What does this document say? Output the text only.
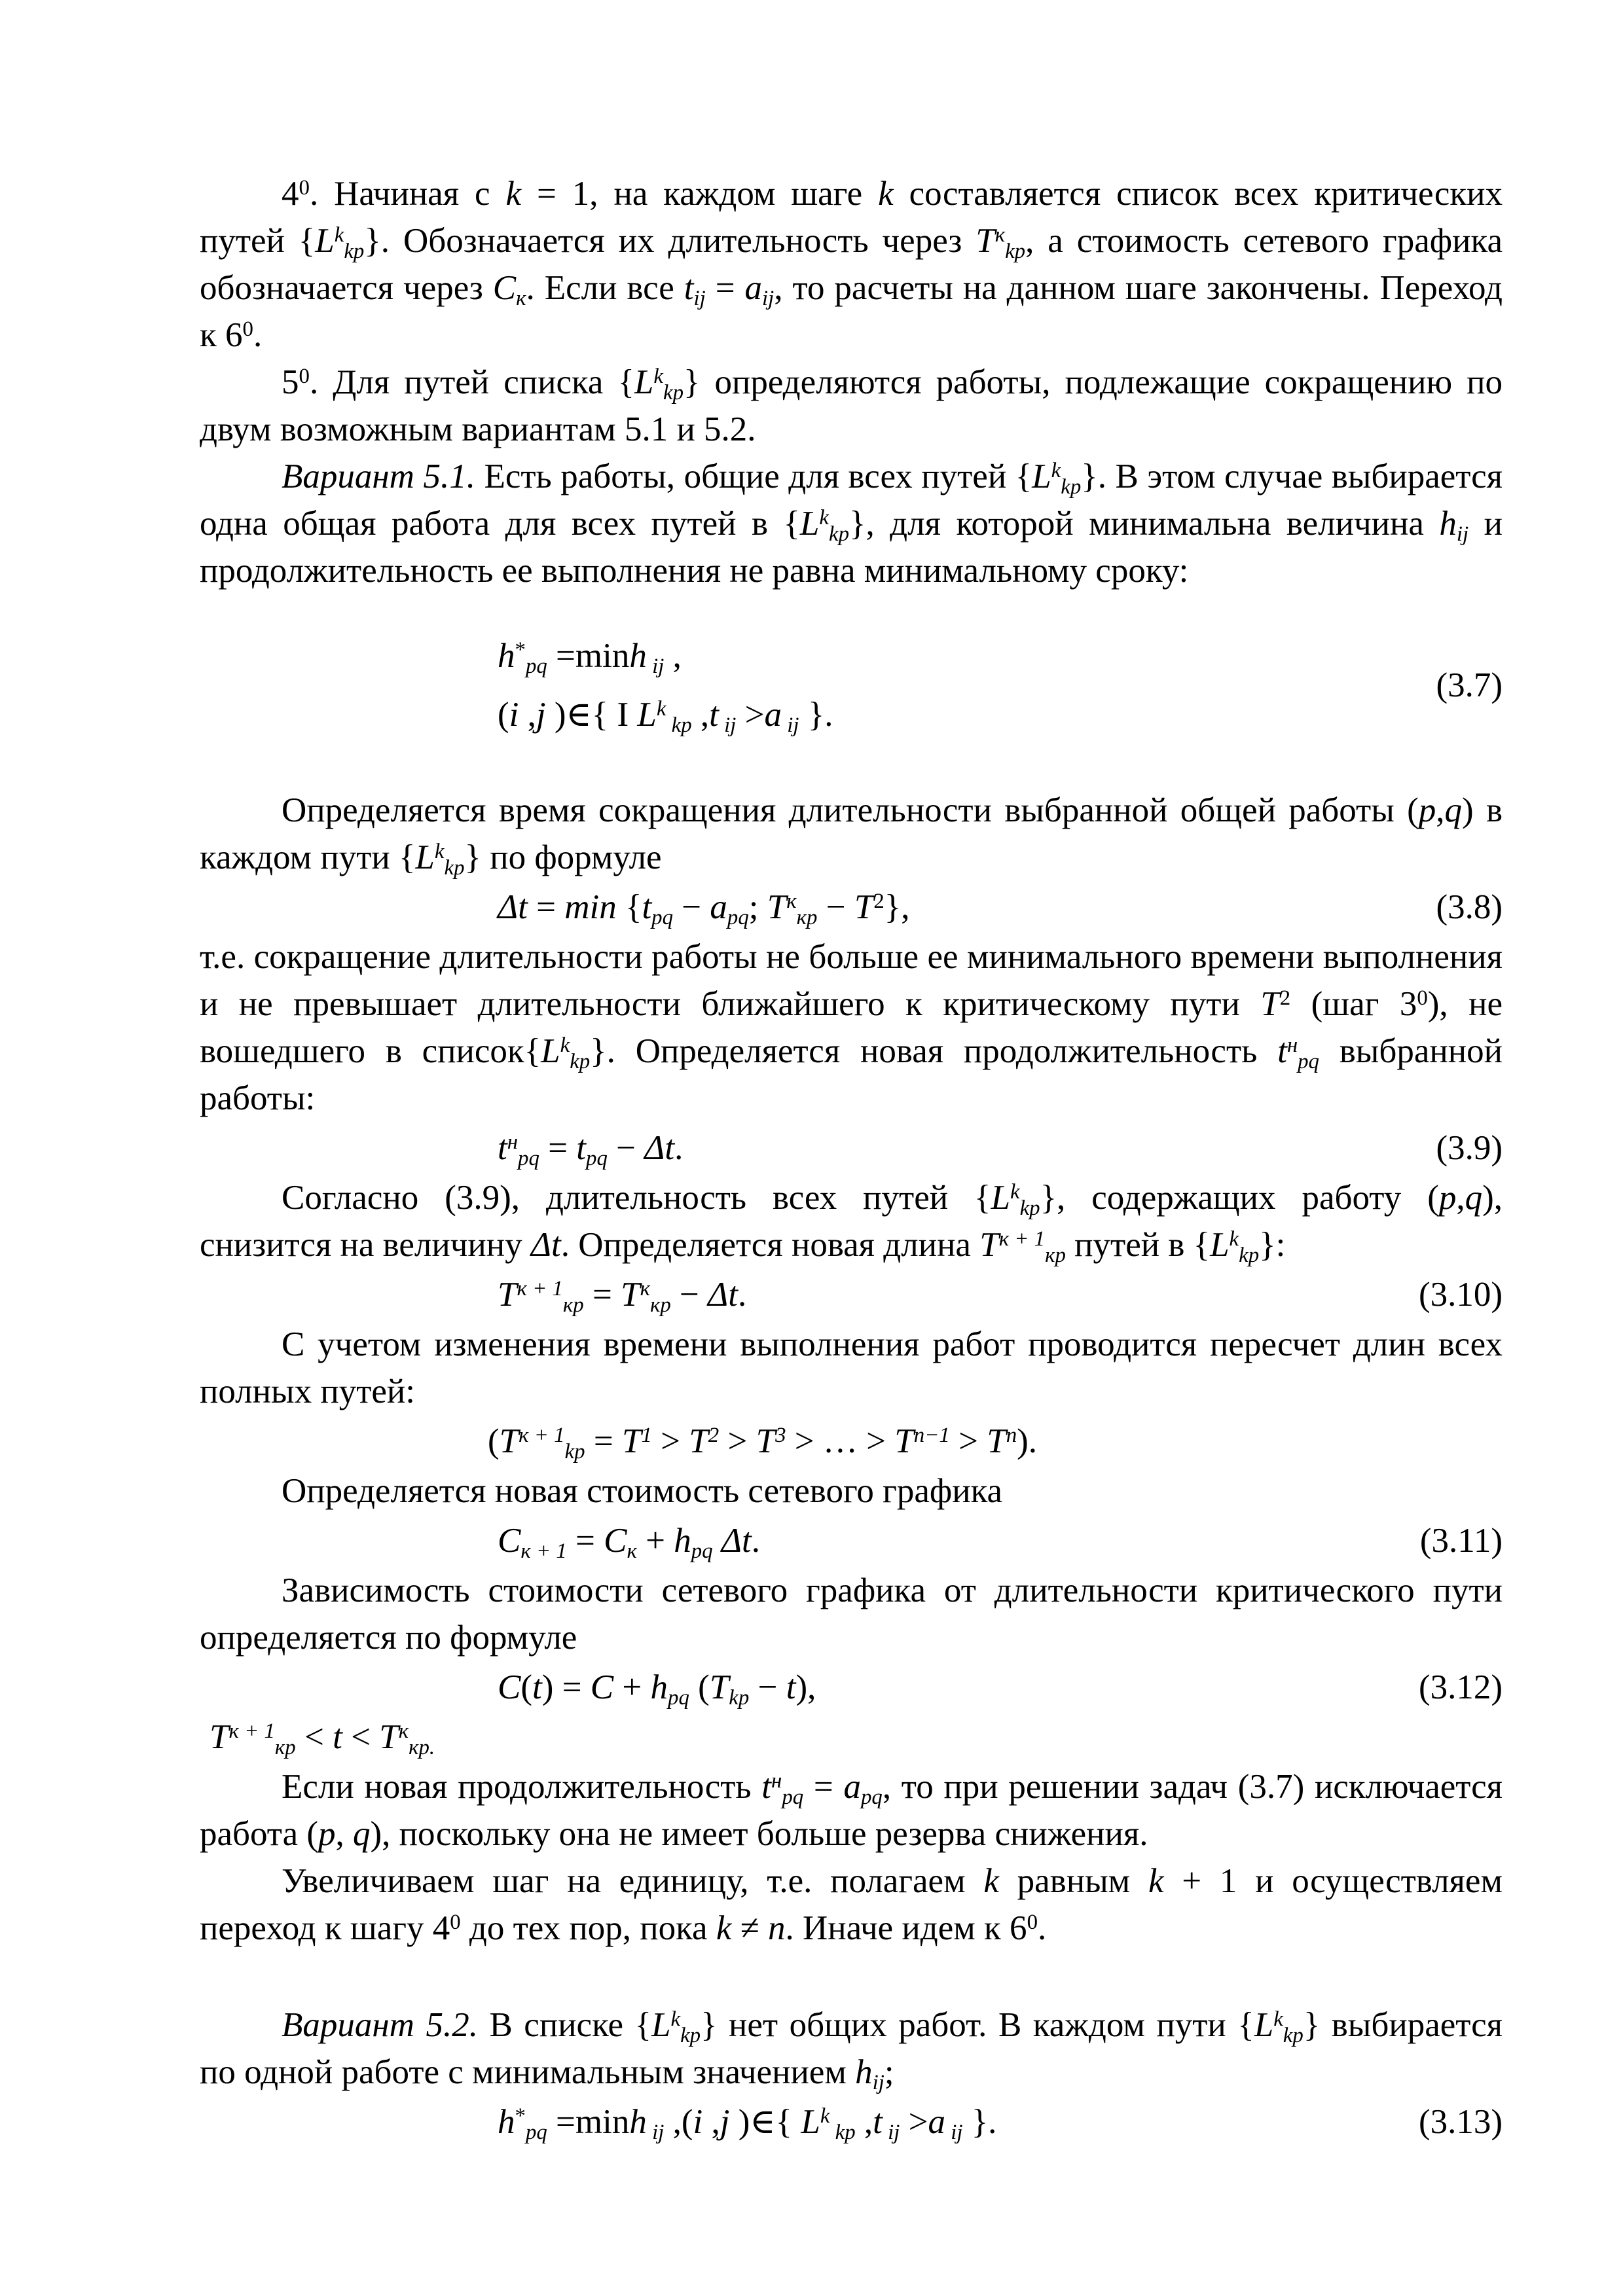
$4^0$. Начиная с k = 1, на каждом шаге k составляется список всех критических путей $\{L^kkp\}$. Обозначается их длительность через $T^кkp$, а стоимость сетевого графика обозначается через Cк. Если все tij = aij, то расчеты на данном шаге закончены. Переход к $6^0$.

$5^0$. Для путей списка $\{L^kkp\}$ определяются работы, подлежащие сокращению по двум возможным вариантам 5.1 и 5.2.

Вариант 5.1. Есть работы, общие для всех путей $\{L^kkp\}$. В этом случае выбирается одна общая работа для всех путей в $\{L^kkp\}$, для которой минимальна величина hij и продолжительность ее выполнения не равна минимальному сроку:

h*pq =minh ij ,
(i ,j )∈{ I $L^k$ kp ,t ij >a ij }.
(3.7)

Определяется время сокращения длительности выбранной общей работы (p,q) в каждом пути $\{L^kkp\}$ по формуле

Δt = min {tpq − apq; $T^ккр - T^2$},	(3.8)

т.е. сокращение длительности работы не больше ее минимального времени выполнения и не превышает длительности ближайшего к критическому пути $T^2$ (шаг $3^0$), не вошедшего в $список\{L^kkp\}$. Определяется новая продолжительность $t^нpq$ выбранной работы:

$t^нpq$ = tpq − Δt.	(3.9)

Согласно (3.9), длительность всех путей $\{L^kkp\}$, содержащих работу (p,q), снизится на величину Δt. Определяется новая длина $T^{к + 1}кр$ путей в $\{L^kkp\}$:

$T^{к + 1}кр = T^ккр - \Delta t$.	(3.10)

С учетом изменения времени выполнения работ проводится пересчет длин всех полных путей:

($T^{к + 1}kp = T^1 > T^2 > T^3$ > … > $T^{n-1} > T^n$).

Определяется новая стоимость сетевого графика

Cк + 1 = Cк + hpq Δt.	(3.11)

Зависимость стоимости сетевого графика от длительности критического пути определяется по формуле

C(t) = C + hpq (Tkp − t),	(3.12)
$T^{к + 1}кр < t < T^ккр$.

Если новая продолжительность $t^нpq$ = apq, то при решении задач (3.7) исключается работа (p, q), поскольку она не имеет больше резерва снижения.

Увеличиваем шаг на единицу, т.е. полагаем k равным k + 1 и осуществляем переход к шагу $4^0$ до тех пор, пока k ≠ n. Иначе идем к $6^0$.

Вариант 5.2. В списке $\{L^kkp\}$ нет общих работ. В каждом пути $\{L^kkp\}$ выбирается по одной работе с минимальным значением hij;

h*pq =minh ij ,(i ,j )∈{ $L^k$ kp ,t ij >a ij }.	(3.13)
